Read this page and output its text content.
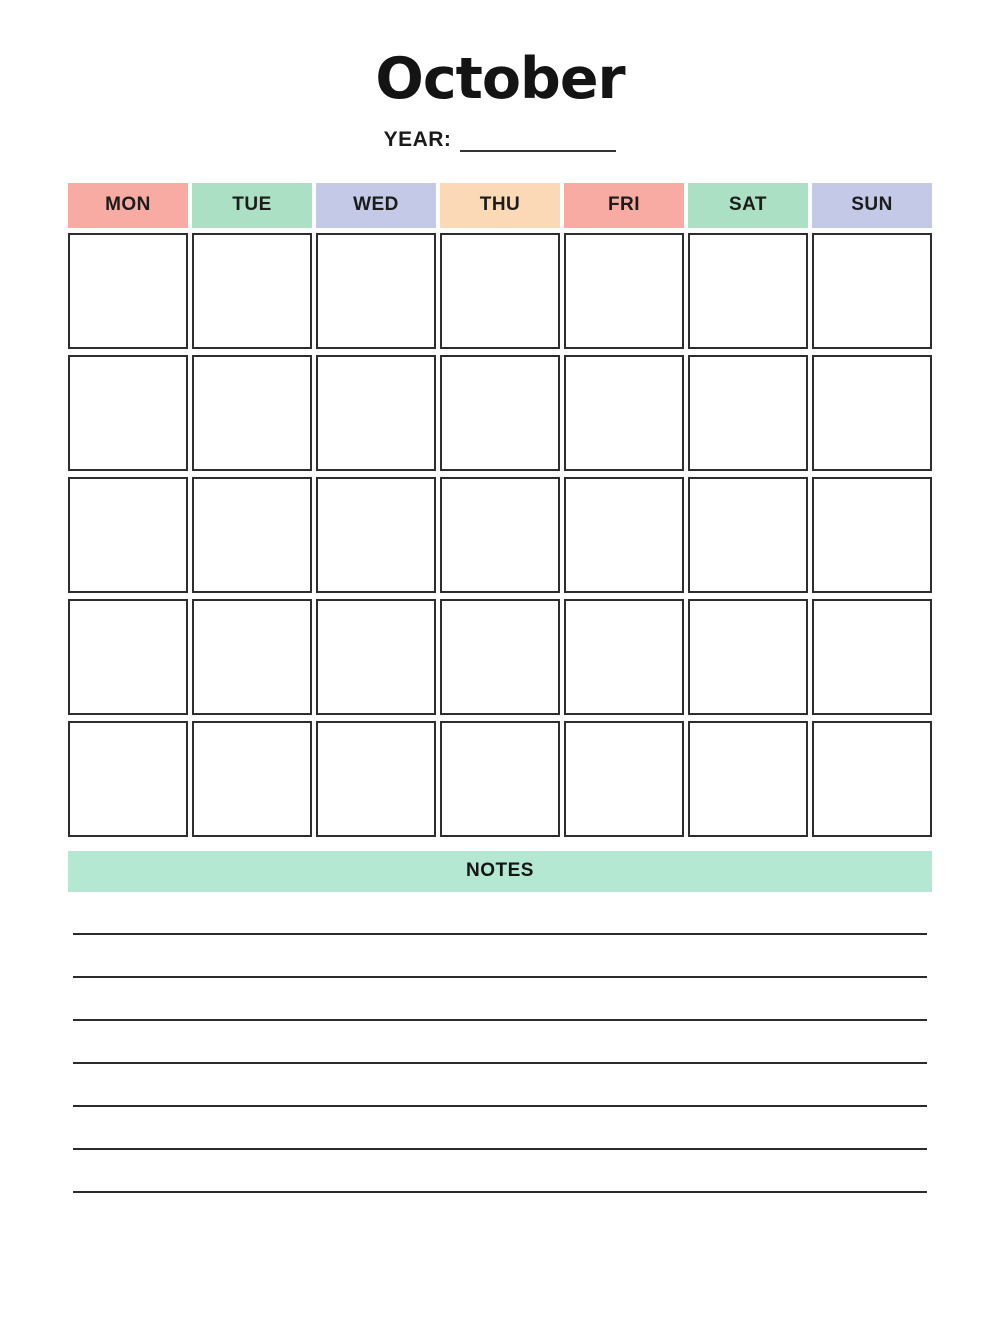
October
YEAR:
MON	TUE	WED	THU	FRI	SAT	SUN
NOTES
